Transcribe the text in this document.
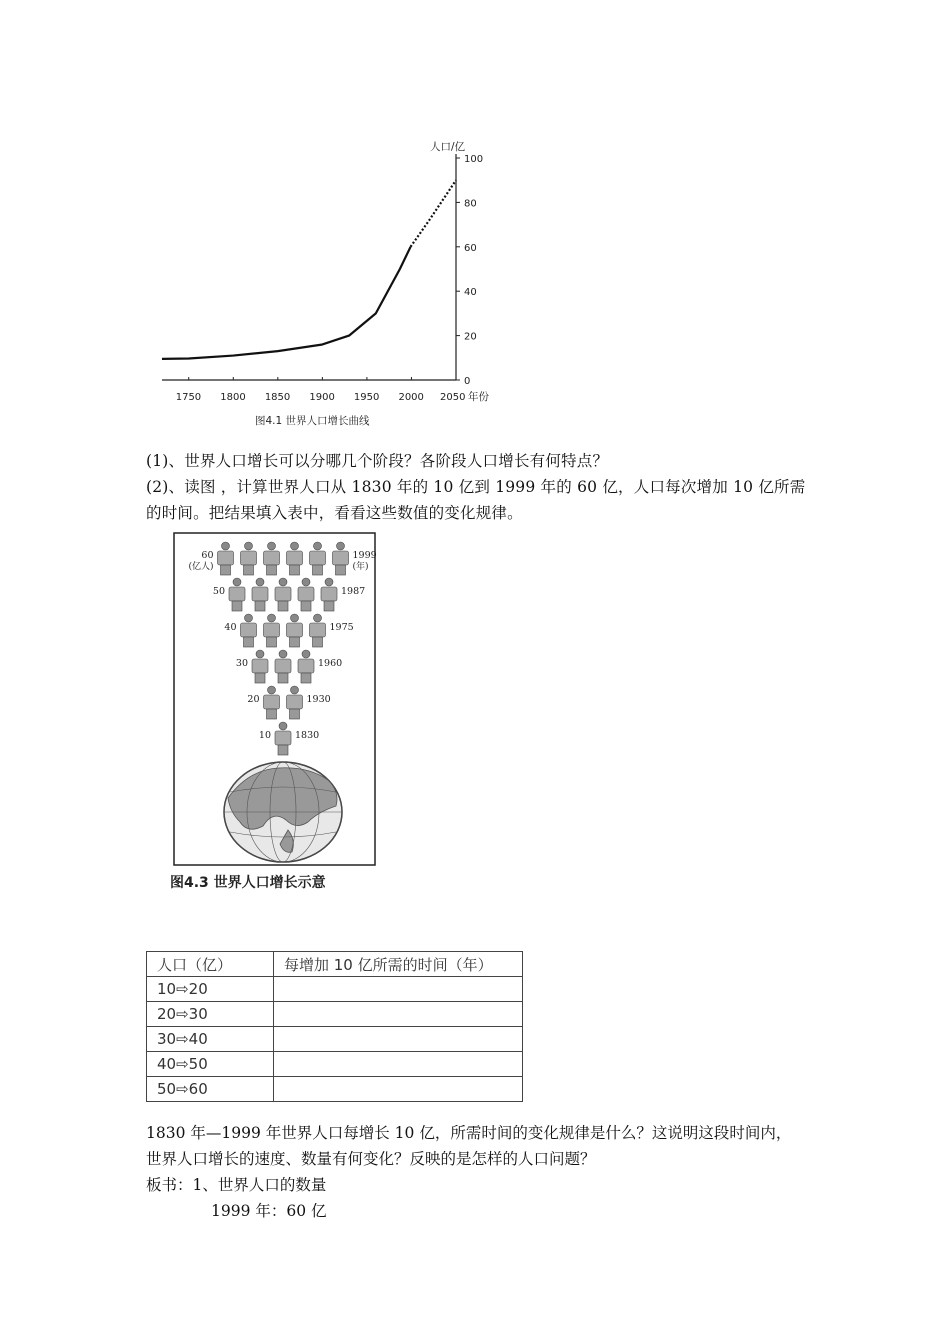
1750 1800 1850 1900 1950 2000 2050
0
20
40
60
80
100
人口/亿
年份
图4.1 世界人口增长曲线
(1)、世界人口增长可以分哪几个阶段？各阶段人口增长有何特点？
(2)、读图 ，计算世界人口从 1830 年的 10 亿到 1999 年的 60 亿，人口每次增加 10 亿所需
的时间。把结果填入表中，看看这些数值的变化规律。
60	1999
(亿人)	(年)
50	1987
40	1975
30	1960
20	1930
10	1830
图4.3 世界人口增长示意
人口（亿）	每增加 10 亿所需的时间（年）
10⇨20	
20⇨30	
30⇨40	
40⇨50	
50⇨60	
1830 年—1999 年世界人口每增长 10 亿，所需时间的变化规律是什么？这说明这段时间内，
世界人口增长的速度、数量有何变化？反映的是怎样的人口问题？
板书：1、世界人口的数量
1999 年：60 亿
